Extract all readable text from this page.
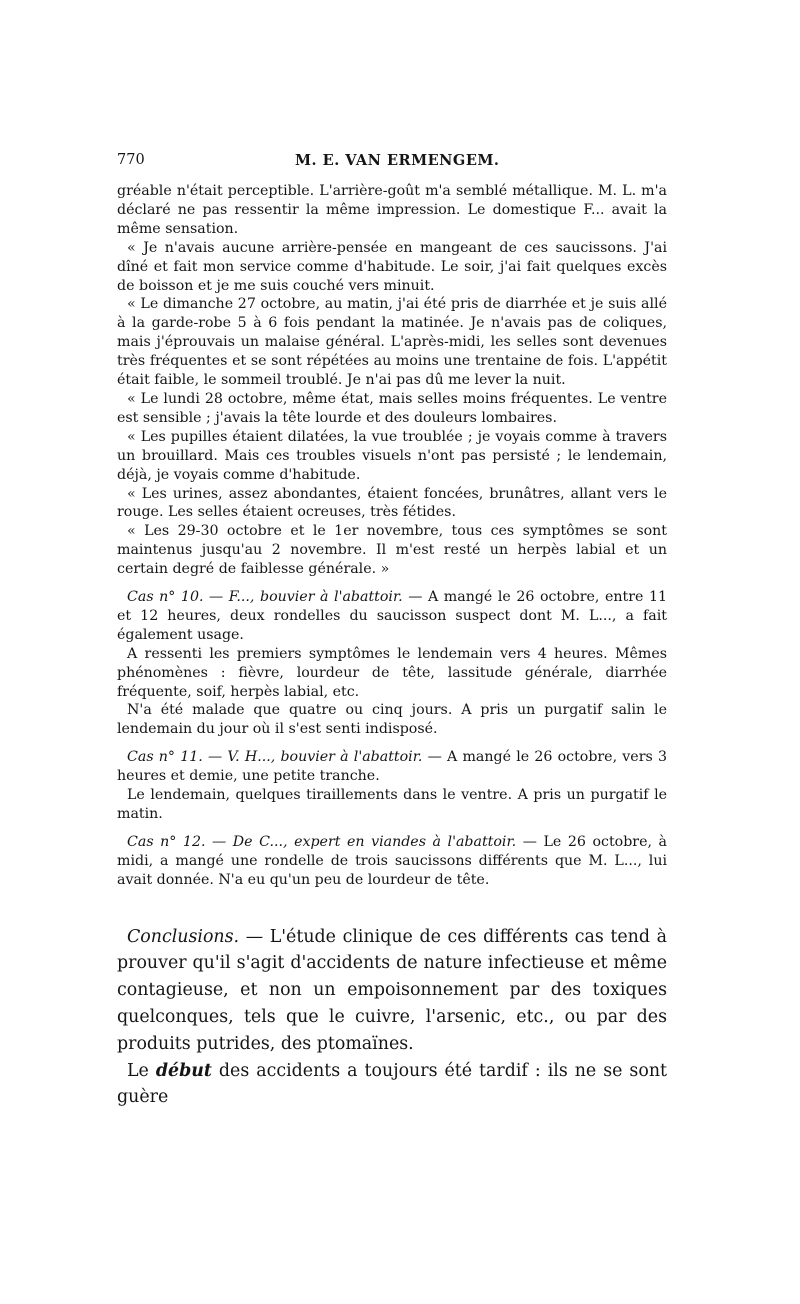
770	M. E. VAN ERMENGEM.

gréable n'était perceptible. L'arrière-goût m'a semblé métallique. M. L. m'a déclaré ne pas ressentir la même impression. Le domestique F... avait la même sensation.

« Je n'avais aucune arrière-pensée en mangeant de ces saucissons. J'ai dîné et fait mon service comme d'habitude. Le soir, j'ai fait quelques excès de boisson et je me suis couché vers minuit.

« Le dimanche 27 octobre, au matin, j'ai été pris de diarrhée et je suis allé à la garde-robe 5 à 6 fois pendant la matinée. Je n'avais pas de coliques, mais j'éprouvais un malaise général. L'après-midi, les selles sont devenues très fréquentes et se sont répétées au moins une trentaine de fois. L'appétit était faible, le sommeil troublé. Je n'ai pas dû me lever la nuit.

« Le lundi 28 octobre, même état, mais selles moins fréquentes. Le ventre est sensible ; j'avais la tête lourde et des douleurs lombaires.

« Les pupilles étaient dilatées, la vue troublée ; je voyais comme à travers un brouillard. Mais ces troubles visuels n'ont pas persisté ; le lendemain, déjà, je voyais comme d'habitude.

« Les urines, assez abondantes, étaient foncées, brunâtres, allant vers le rouge. Les selles étaient ocreuses, très fétides.

« Les 29-30 octobre et le 1er novembre, tous ces symptômes se sont maintenus jusqu'au 2 novembre. Il m'est resté un herpès labial et un certain degré de faiblesse générale. »

Cas n° 10. — F..., bouvier à l'abattoir. — A mangé le 26 octobre, entre 11 et 12 heures, deux rondelles du saucisson suspect dont M. L..., a fait également usage.

A ressenti les premiers symptômes le lendemain vers 4 heures. Mêmes phénomènes : fièvre, lourdeur de tête, lassitude générale, diarrhée fréquente, soif, herpès labial, etc.

N'a été malade que quatre ou cinq jours. A pris un purgatif salin le lendemain du jour où il s'est senti indisposé.

Cas n° 11. — V. H..., bouvier à l'abattoir. — A mangé le 26 octobre, vers 3 heures et demie, une petite tranche.

Le lendemain, quelques tiraillements dans le ventre. A pris un purgatif le matin.

Cas n° 12. — De C..., expert en viandes à l'abattoir. — Le 26 octobre, à midi, a mangé une rondelle de trois saucissons différents que M. L..., lui avait donnée. N'a eu qu'un peu de lourdeur de tête.

Conclusions. — L'étude clinique de ces différents cas tend à prouver qu'il s'agit d'accidents de nature infectieuse et même contagieuse, et non un empoisonnement par des toxiques quelconques, tels que le cuivre, l'arsenic, etc., ou par des produits putrides, des ptomaïnes.

Le début des accidents a toujours été tardif : ils ne se sont guère
